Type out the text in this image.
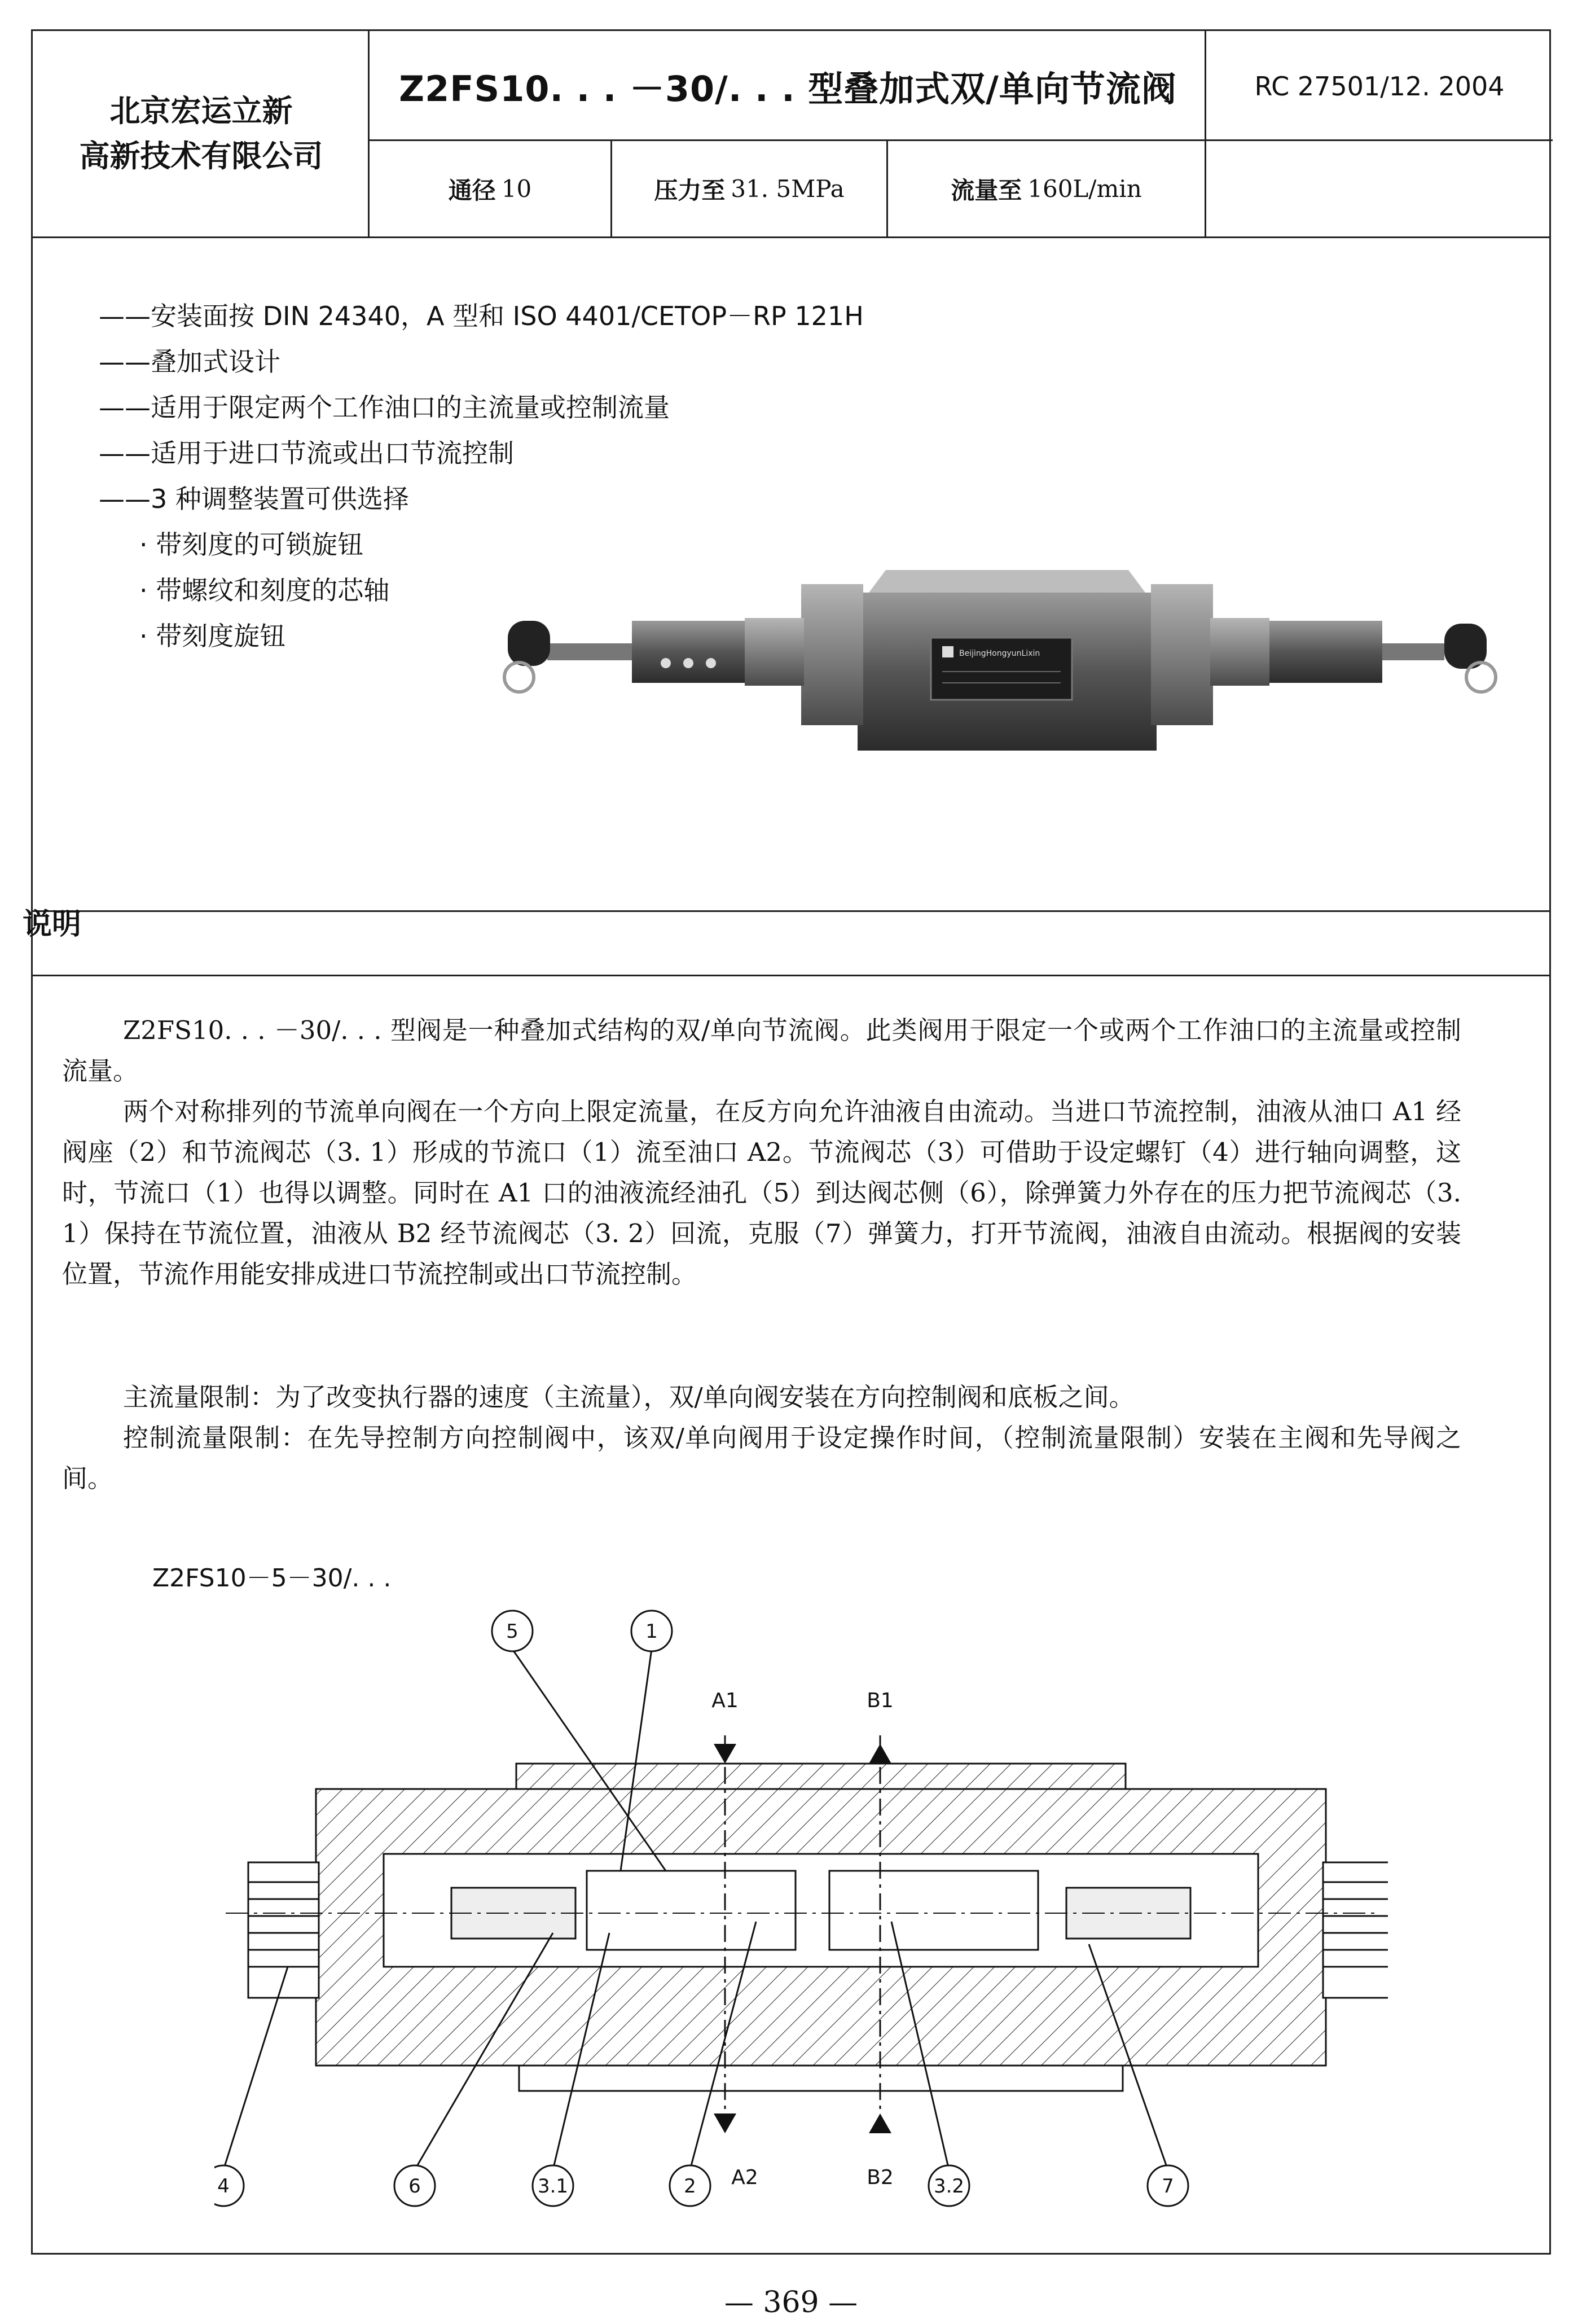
北京宏运立新
高新技术有限公司
Z2FS10. . . －30/. . . 型叠加式双/单向节流阀	RC 27501/12. 2004
通径 10	压力至 31. 5MPa	流量至 160L/min
——安装面按 DIN 24340，A 型和 ISO 4401/CETOP－RP 121H
——叠加式设计
——适用于限定两个工作油口的主流量或控制流量
——适用于进口节流或出口节流控制
——3 种调整装置可供选择
· 带刻度的可锁旋钮
· 带螺纹和刻度的芯轴
· 带刻度旋钮
BeijingHongyunLixin
说明

Z2FS10. . . －30/. . . 型阀是一种叠加式结构的双/单向节流阀。此类阀用于限定一个或两个工作油口的主流量或控制流量。

两个对称排列的节流单向阀在一个方向上限定流量，在反方向允许油液自由流动。当进口节流控制，油液从油口 A1 经阀座（2）和节流阀芯（3. 1）形成的节流口（1）流至油口 A2。节流阀芯（3）可借助于设定螺钉（4）进行轴向调整，这时，节流口（1）也得以调整。同时在 A1 口的油液流经油孔（5）到达阀芯侧（6），除弹簧力外存在的压力把节流阀芯（3. 1）保持在节流位置，油液从 B2 经节流阀芯（3. 2）回流，克服（7）弹簧力，打开节流阀，油液自由流动。根据阀的安装位置，节流作用能安排成进口节流控制或出口节流控制。

主流量限制：为了改变执行器的速度（主流量），双/单向阀安装在方向控制阀和底板之间。

控制流量限制：在先导控制方向控制阀中，该双/单向阀用于设定操作时间，（控制流量限制）安装在主阀和先导阀之间。

Z2FS10－5－30/. . .
A1	B1
A2	B2
5	1
4	6	3.1	2	3.2	7
— 369 —
